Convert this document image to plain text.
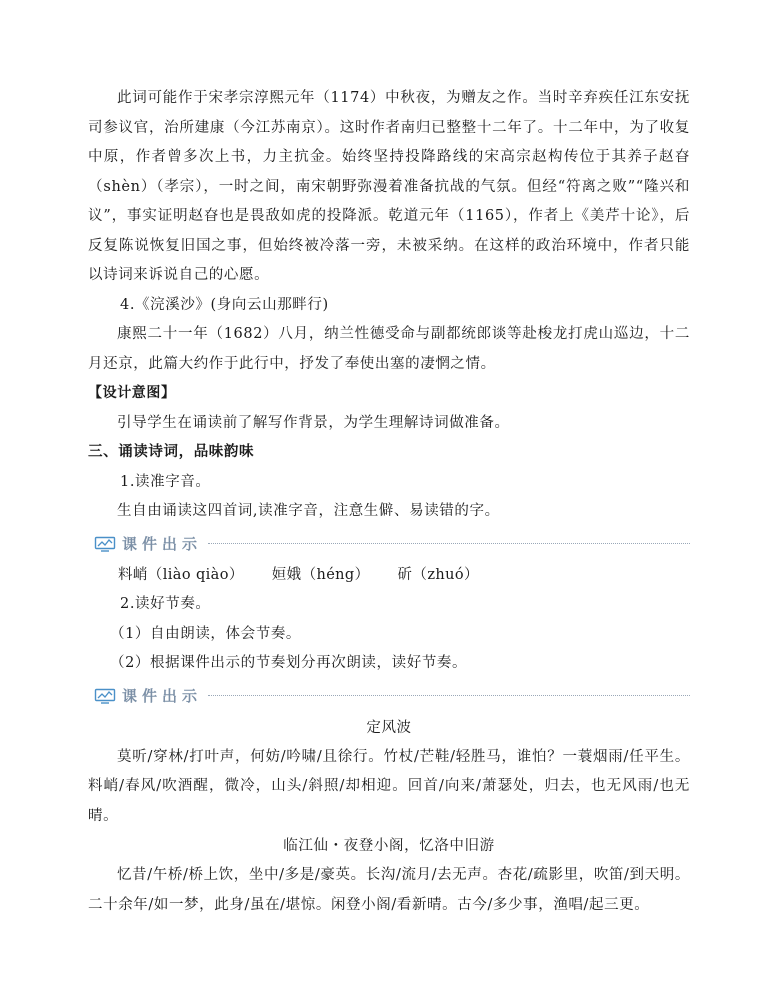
此词可能作于宋孝宗淳熙元年（1174）中秋夜，为赠友之作。当时辛弃疾任江东安抚司参议官，治所建康（今江苏南京）。这时作者南归已整整十二年了。十二年中，为了收复中原，作者曾多次上书，力主抗金。始终坚持投降路线的宋高宗赵构传位于其养子赵昚（shèn）（孝宗），一时之间，南宋朝野弥漫着准备抗战的气氛。但经“符离之败”“隆兴和议”，事实证明赵昚也是畏敌如虎的投降派。乾道元年（1165），作者上《美芹十论》，后反复陈说恢复旧国之事，但始终被冷落一旁，未被采纳。在这样的政治环境中，作者只能以诗词来诉说自己的心愿。

4.《浣溪沙》(身向云山那畔行)

康熙二十一年（1682）八月，纳兰性德受命与副都统郎谈等赴梭龙打虎山巡边，十二月还京，此篇大约作于此行中，抒发了奉使出塞的凄惘之情。

【设计意图】

引导学生在诵读前了解写作背景，为学生理解诗词做准备。

三、诵读诗词，品味韵味

1.读准字音。

生自由诵读这四首词,读准字音，注意生僻、易读错的字。

课件出示
料峭（liào qiào） 姮娥（héng） 斫（zhuó）

2.读好节奏。

（1）自由朗读，体会节奏。

（2）根据课件出示的节奏划分再次朗读，读好节奏。

课件出示

定风波

莫听/穿林/打叶声，何妨/吟啸/且徐行。竹杖/芒鞋/轻胜马，谁怕？一蓑烟雨/任平生。料峭/春风/吹酒醒，微冷，山头/斜照/却相迎。回首/向来/萧瑟处，归去，也无风雨/也无晴。

临江仙・夜登小阁，忆洛中旧游

忆昔/午桥/桥上饮，坐中/多是/豪英。长沟/流月/去无声。杏花/疏影里，吹笛/到天明。二十余年/如一梦，此身/虽在/堪惊。闲登小阁/看新晴。古今/多少事，渔唱/起三更。
